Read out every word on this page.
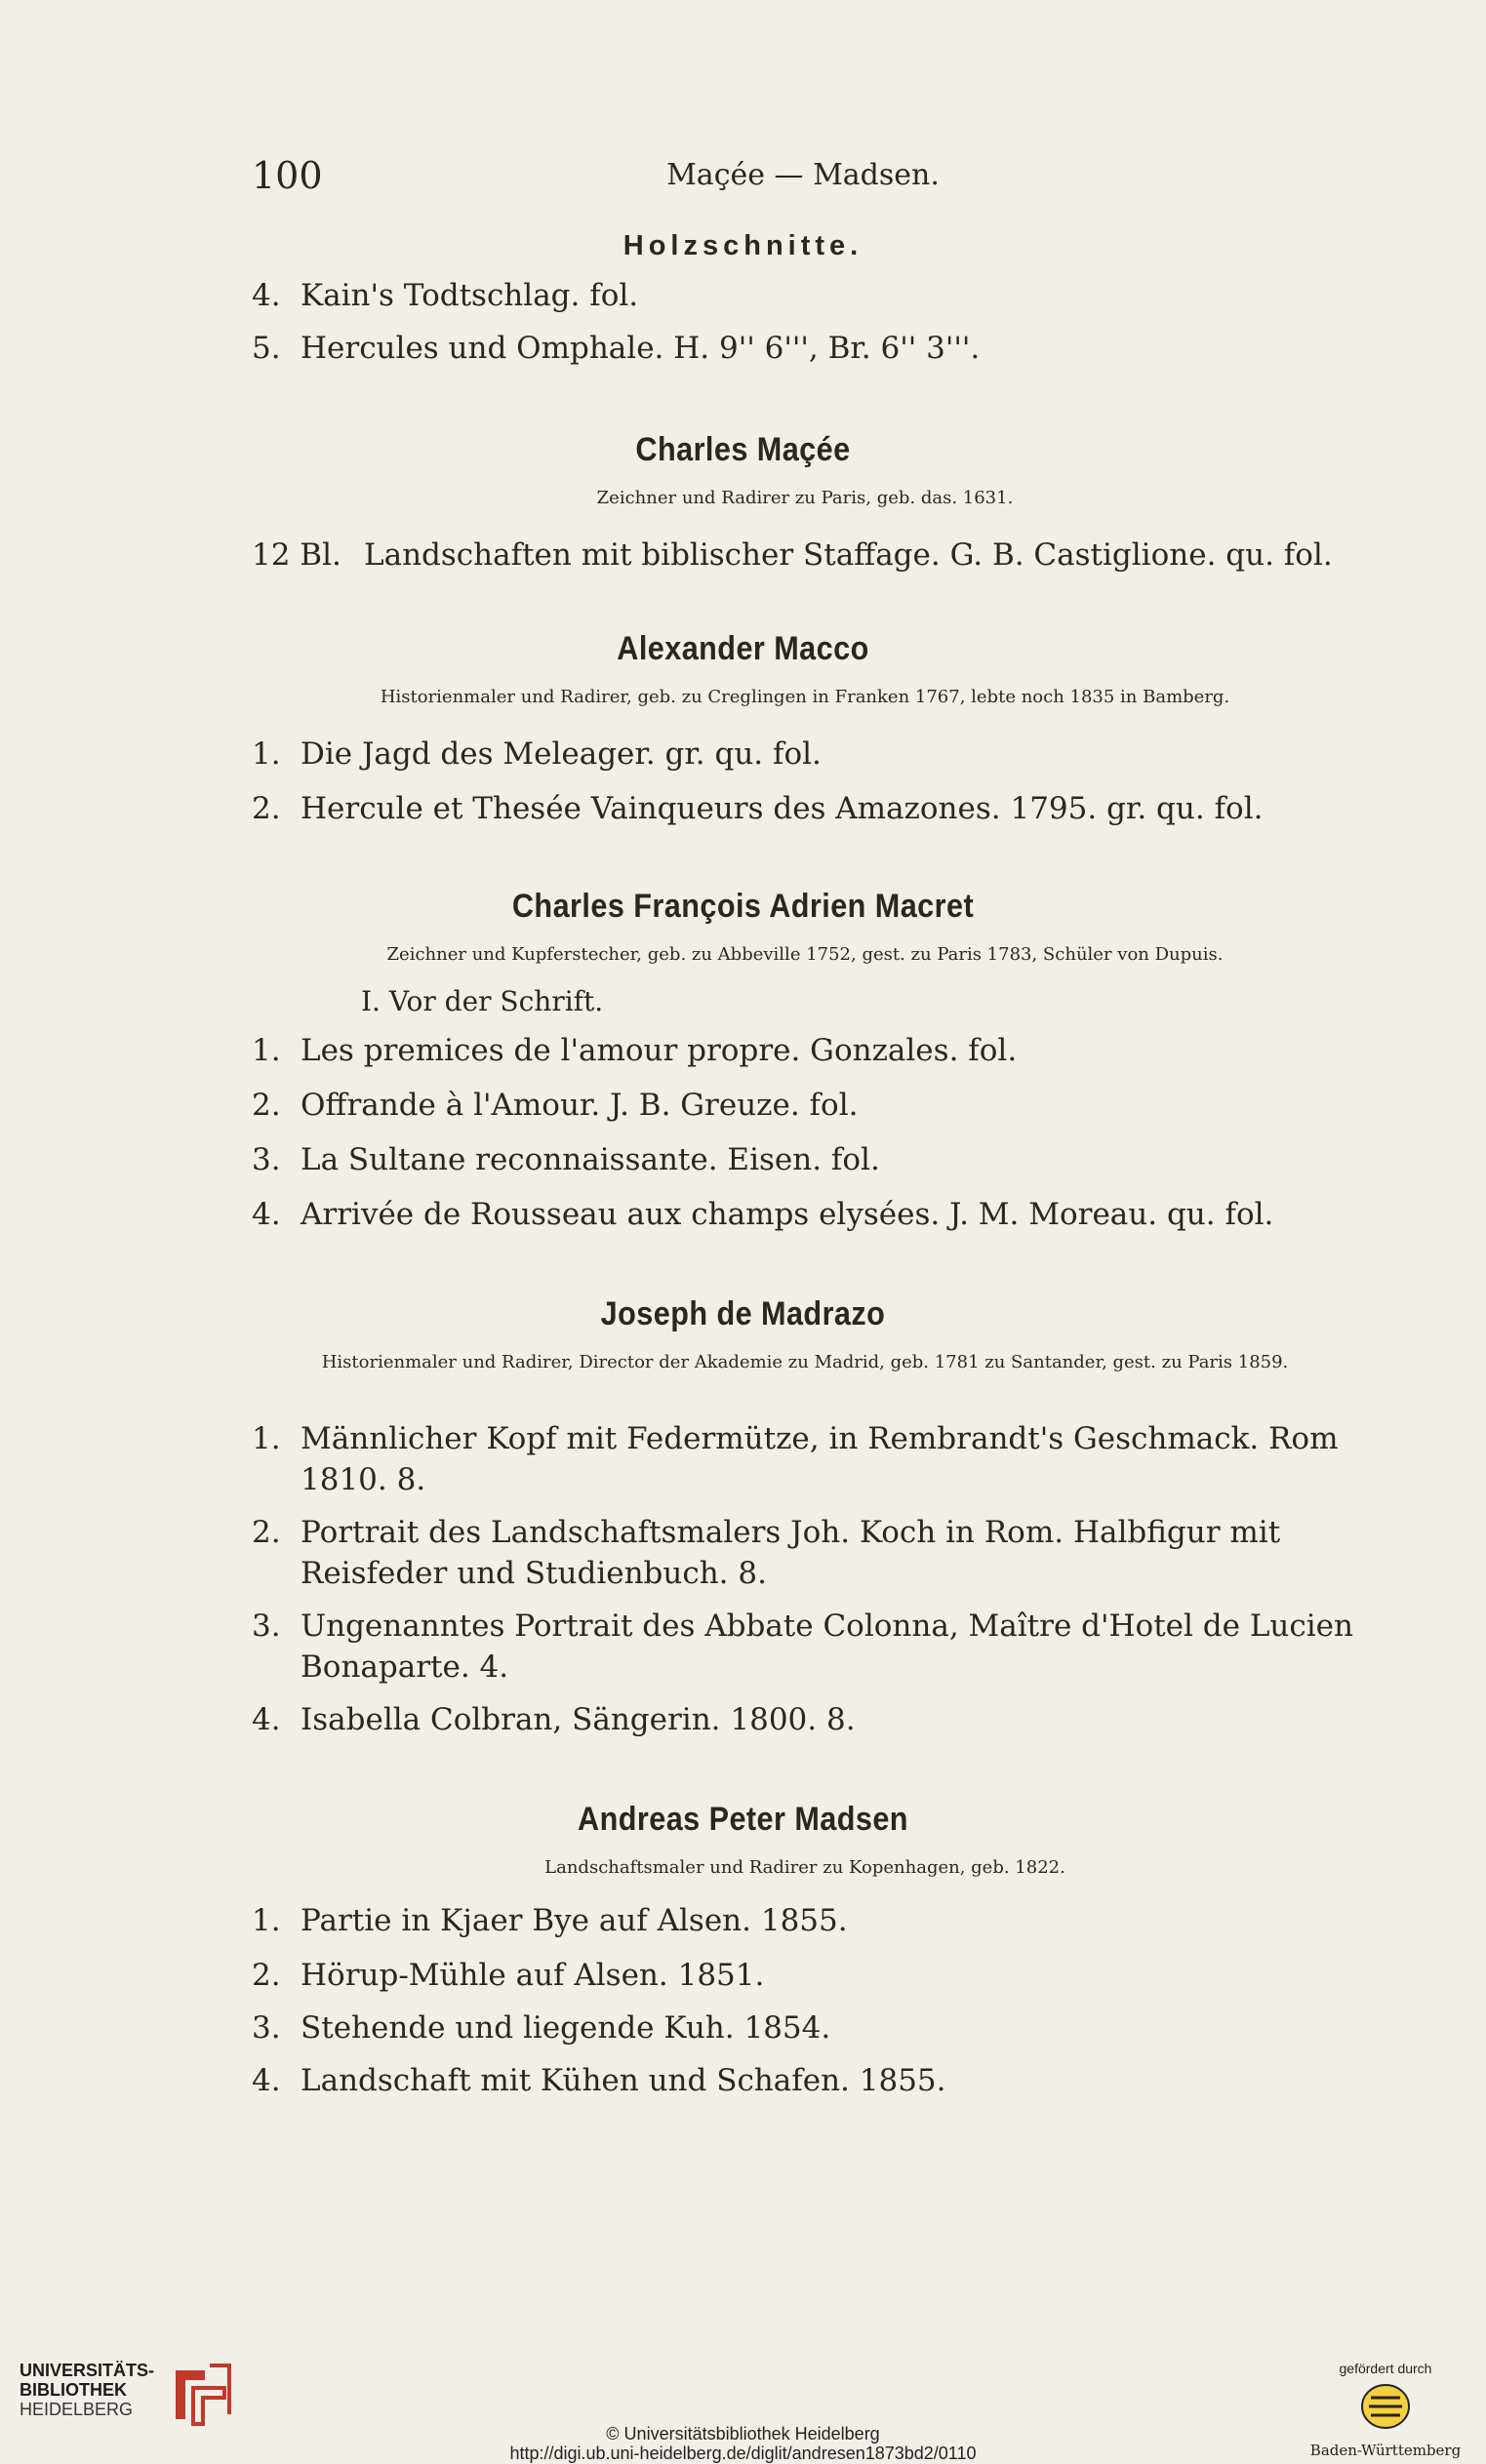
100	Maçée — Madsen.
Holzschnitte.
4. Kain's Todtschlag. fol.
5. Hercules und Omphale. H. 9'' 6''', Br. 6'' 3'''.
Charles Maçée
Zeichner und Radirer zu Paris, geb. das. 1631.
12 Bl. Landschaften mit biblischer Staffage. G. B. Castiglione. qu. fol.
Alexander Macco
Historienmaler und Radirer, geb. zu Creglingen in Franken 1767, lebte noch 1835 in Bamberg.
1. Die Jagd des Meleager. gr. qu. fol.
2. Hercule et Thesée Vainqueurs des Amazones. 1795. gr. qu. fol.
Charles François Adrien Macret
Zeichner und Kupferstecher, geb. zu Abbeville 1752, gest. zu Paris 1783, Schüler von Dupuis.
I. Vor der Schrift.
1. Les premices de l'amour propre. Gonzales. fol.
2. Offrande à l'Amour. J. B. Greuze. fol.
3. La Sultane reconnaissante. Eisen. fol.
4. Arrivée de Rousseau aux champs elysées. J. M. Moreau. qu. fol.
Joseph de Madrazo
Historienmaler und Radirer, Director der Akademie zu Madrid, geb. 1781 zu Santander, gest. zu Paris 1859.
1. Männlicher Kopf mit Federmütze, in Rembrandt's Geschmack. Rom 1810. 8.
2. Portrait des Landschaftsmalers Joh. Koch in Rom. Halbfigur mit Reisfeder und Studienbuch. 8.
3. Ungenanntes Portrait des Abbate Colonna, Maître d'Hotel de Lucien Bonaparte. 4.
4. Isabella Colbran, Sängerin. 1800. 8.
Andreas Peter Madsen
Landschaftsmaler und Radirer zu Kopenhagen, geb. 1822.
1. Partie in Kjaer Bye auf Alsen. 1855.
2. Hörup-Mühle auf Alsen. 1851.
3. Stehende und liegende Kuh. 1854.
4. Landschaft mit Kühen und Schafen. 1855.
UNIVERSITÄTS-
BIBLIOTHEK
HEIDELBERG
© Universitätsbibliothek Heidelberg
http://digi.ub.uni-heidelberg.de/diglit/andresen1873bd2/0110
gefördert durch
Baden-Württemberg
